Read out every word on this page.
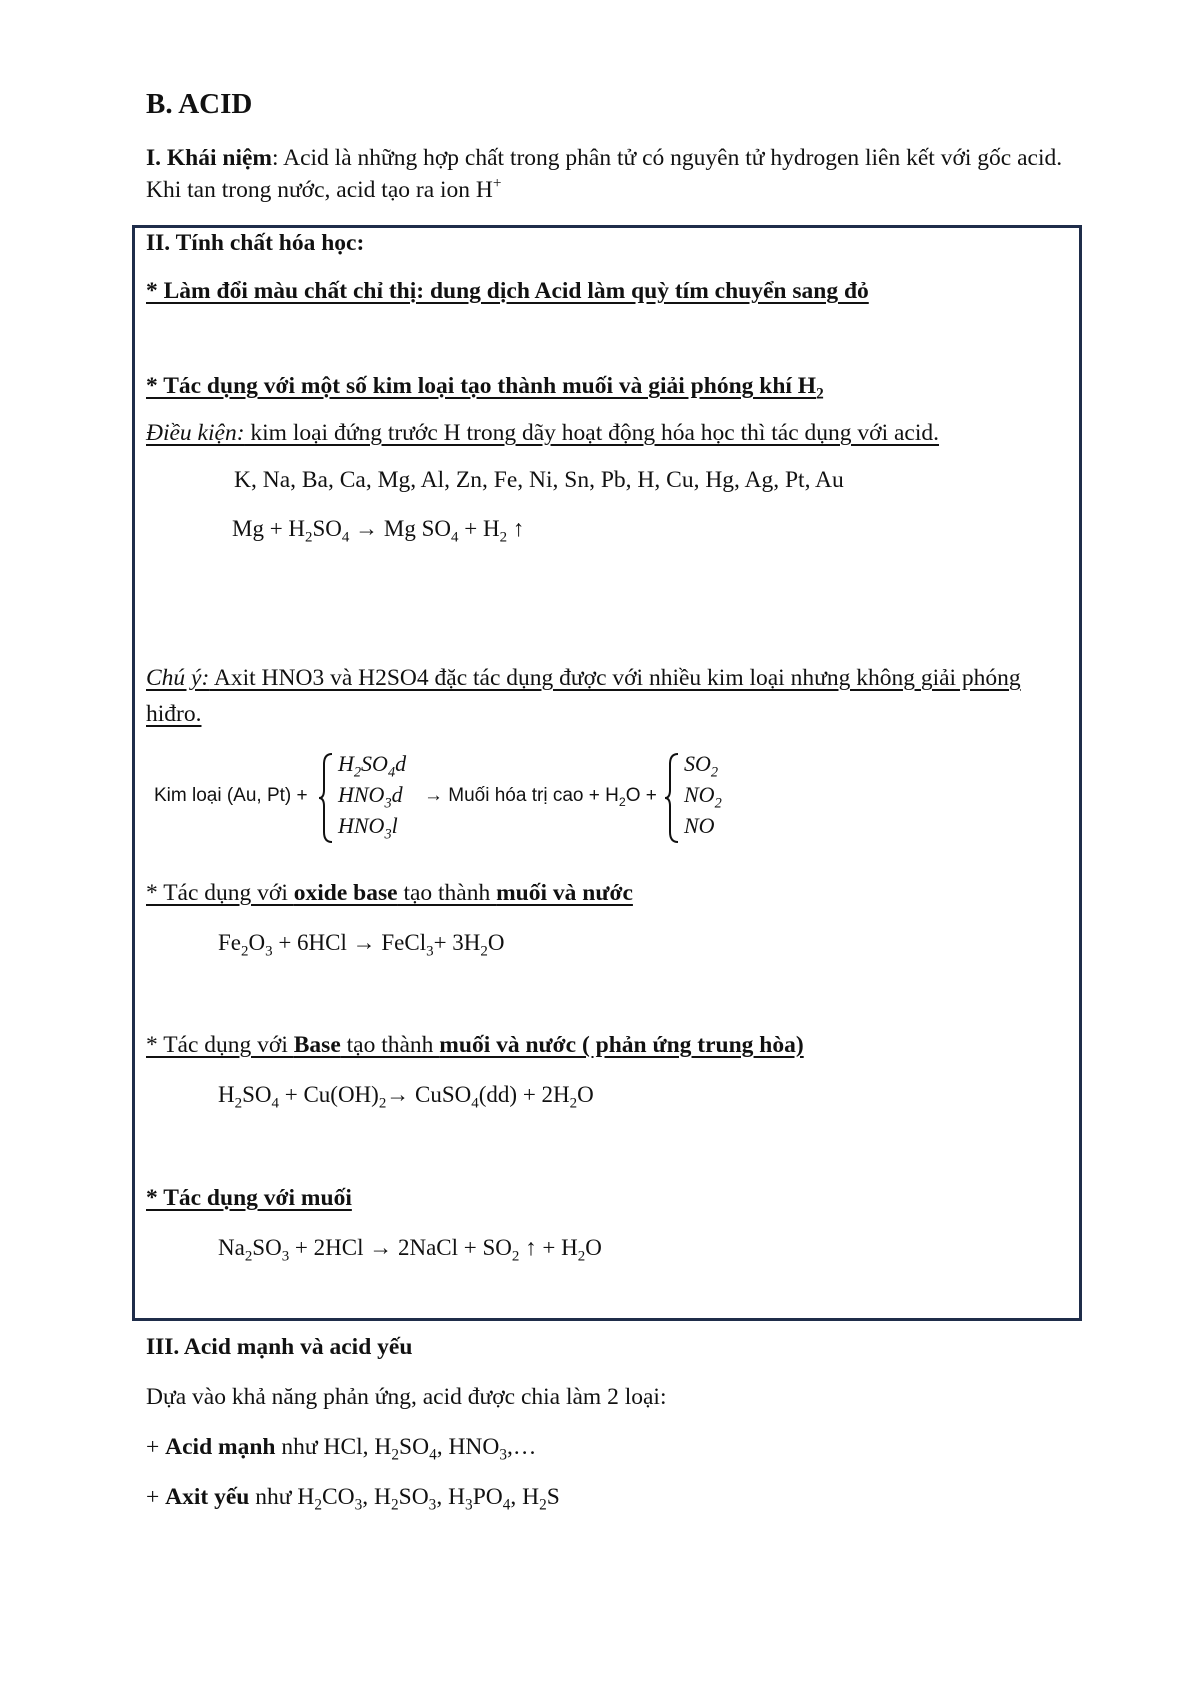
B. ACID
I. Khái niệm: Acid là những hợp chất trong phân tử có nguyên tử hydrogen liên kết với gốc acid. Khi tan trong nước, acid tạo ra ion H+
II. Tính chất hóa học:
* Làm đổi màu chất chỉ thị: dung dịch Acid làm quỳ tím chuyển sang đỏ
* Tác dụng với một số kim loại tạo thành muối và giải phóng khí $H_2$
Điều kiện: kim loại đứng trước H trong dãy hoạt động hóa học thì tác dụng với acid.
K, Na, Ba, Ca, Mg, Al, Zn, Fe, Ni, Sn, Pb, H, Cu, Hg, Ag, Pt, Au
$Mg + H_2SO_4 \to Mg$ $SO_4 + H_2$ ↑
Chú ý: Axit HNO3 và H2SO4 đặc tác dụng được với nhiều kim loại nhưng không giải phóng hiđro.
Kim loại (Au, Pt) +
$H_2SO_4d$
$HNO_3d$
$HNO_3l$
→ Muối hóa trị cao + $H_2O$ +
$SO_2$
$NO_2$
NO
* Tác dụng với oxide base tạo thành muối và nước
$Fe_2O_3 + 6HCl$ → FeCl$_3$+ $3H_2O$
* Tác dụng với Base tạo thành muối và nước ( phản ứng trung hòa)
$H_2SO_4 + Cu(OH)_2\to$ CuSO$_4$(dd) + $2H_2O$
* Tác dụng với muối
$Na_2SO_3 + 2HCl$ → 2NaCl + $SO_2$ ↑ + $H_2O$
III. Acid mạnh và acid yếu
Dựa vào khả năng phản ứng, acid được chia làm 2 loại:
+ Acid mạnh như HCl, $H_2SO_4$, $HNO_3,\dots$
+ Axit yếu như $H_2CO_3$, $H_2SO_3$, $H_3PO_4$, $H_2S$
